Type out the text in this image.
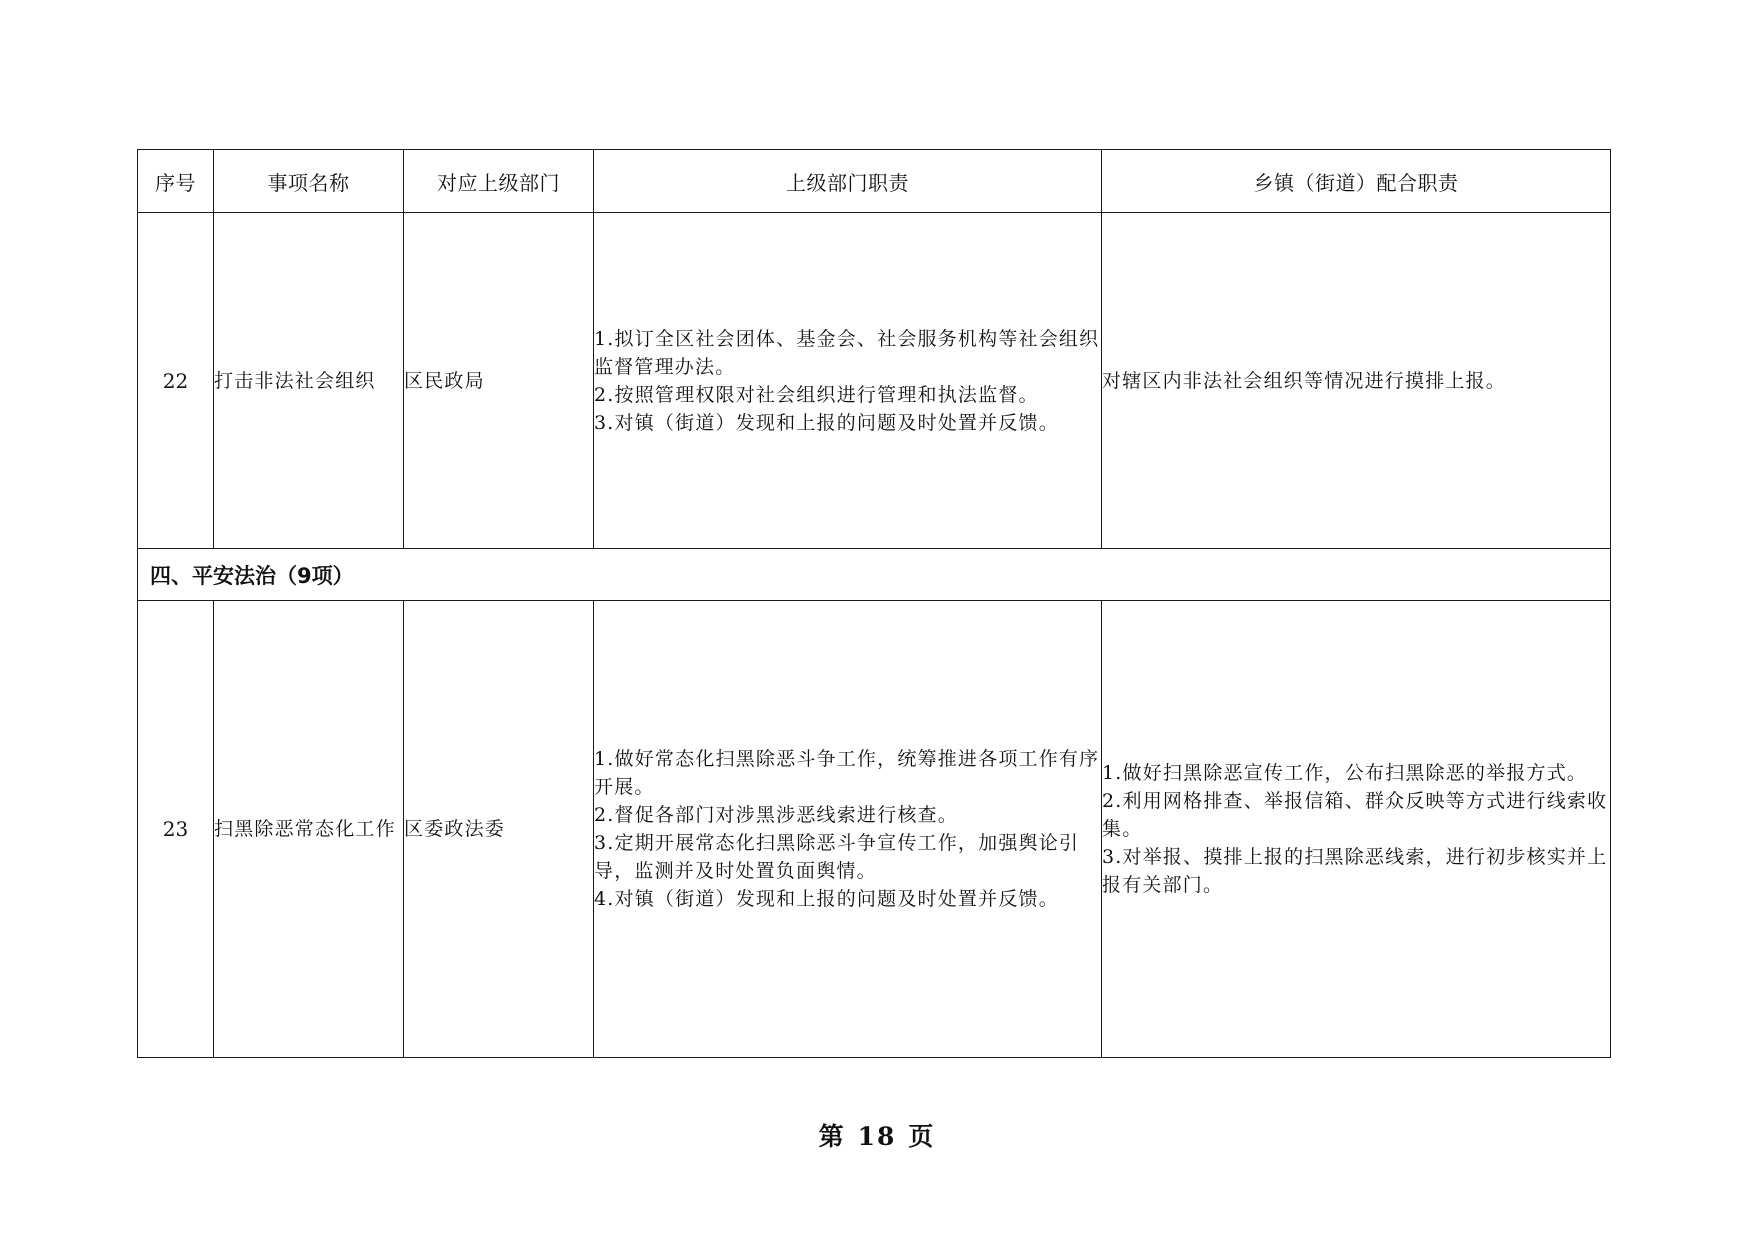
序号	事项名称	对应上级部门	上级部门职责	乡镇（街道）配合职责
22	打击非法社会组织	区民政局	1.拟订全区社会团体、基金会、社会服务机构等社会组织监督管理办法。
2.按照管理权限对社会组织进行管理和执法监督。
3.对镇（街道）发现和上报的问题及时处置并反馈。	对辖区内非法社会组织等情况进行摸排上报。

四、平安法治（9项）				
23	扫黑除恶常态化工作	区委政法委	1.做好常态化扫黑除恶斗争工作，统筹推进各项工作有序开展。
2.督促各部门对涉黑涉恶线索进行核查。
3.定期开展常态化扫黑除恶斗争宣传工作，加强舆论引导，监测并及时处置负面舆情。
4.对镇（街道）发现和上报的问题及时处置并反馈。	1.做好扫黑除恶宣传工作，公布扫黑除恶的举报方式。
2.利用网格排查、举报信箱、群众反映等方式进行线索收集。
3.对举报、摸排上报的扫黑除恶线索，进行初步核实并上报有关部门。
第 18 页
